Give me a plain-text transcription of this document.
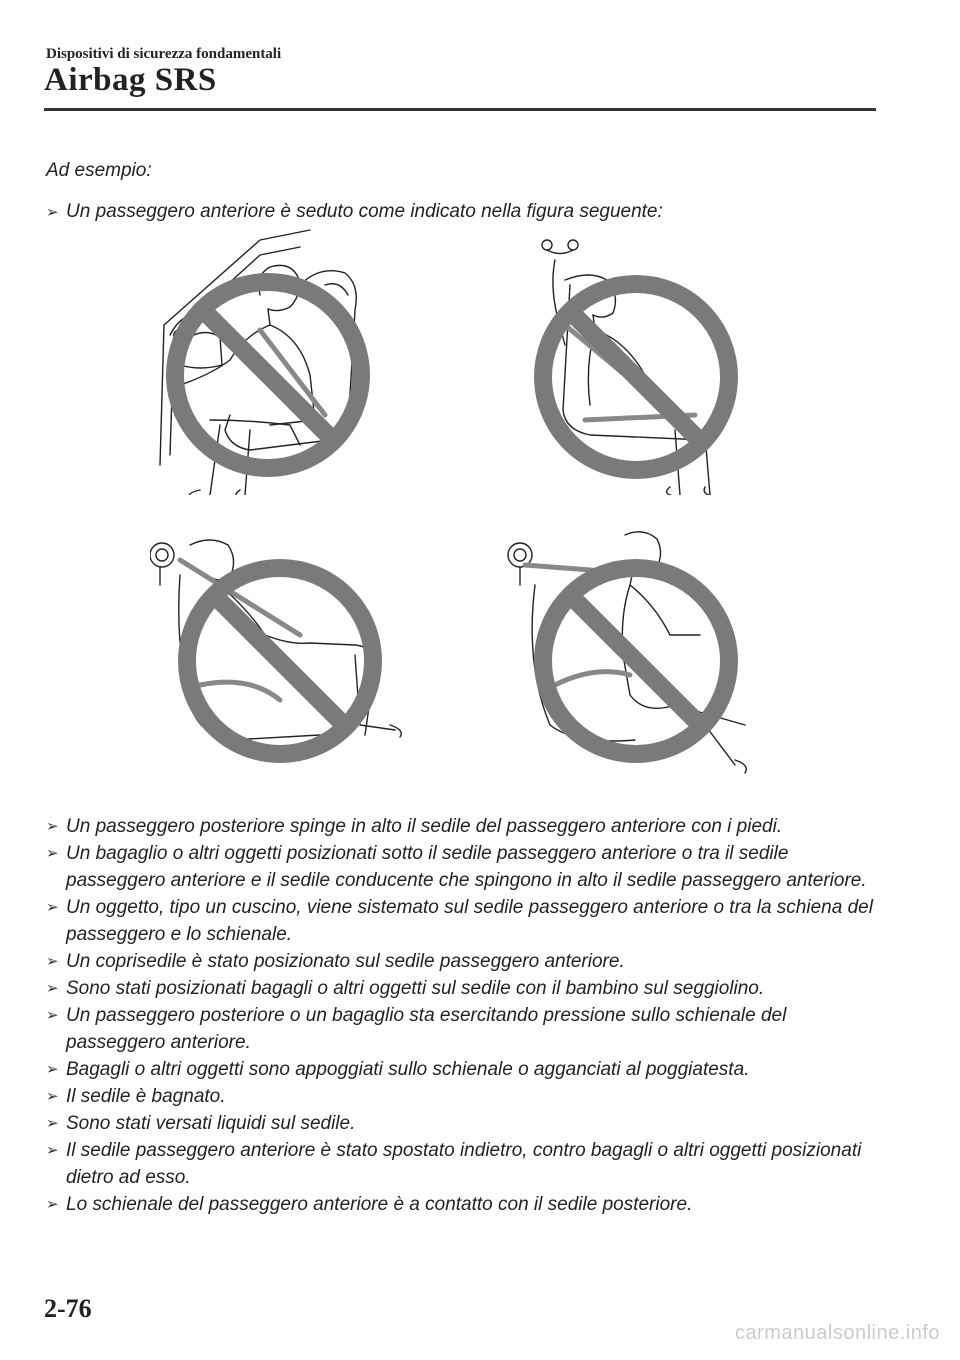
Dispositivi di sicurezza fondamentali
Airbag SRS
Ad esempio:
➢ Un passeggero anteriore è seduto come indicato nella figura seguente:
➢ Un passeggero posteriore spinge in alto il sedile del passeggero anteriore con i piedi.
➢ Un bagaglio o altri oggetti posizionati sotto il sedile passeggero anteriore o tra il sedile passeggero anteriore e il sedile conducente che spingono in alto il sedile passeggero anteriore.
➢ Un oggetto, tipo un cuscino, viene sistemato sul sedile passeggero anteriore o tra la schiena del passeggero e lo schienale.
➢ Un coprisedile è stato posizionato sul sedile passeggero anteriore.
➢ Sono stati posizionati bagagli o altri oggetti sul sedile con il bambino sul seggiolino.
➢ Un passeggero posteriore o un bagaglio sta esercitando pressione sullo schienale del passeggero anteriore.
➢ Bagagli o altri oggetti sono appoggiati sullo schienale o agganciati al poggiatesta.
➢ Il sedile è bagnato.
➢ Sono stati versati liquidi sul sedile.
➢ Il sedile passeggero anteriore è stato spostato indietro, contro bagagli o altri oggetti posizionati dietro ad esso.
➢ Lo schienale del passeggero anteriore è a contatto con il sedile posteriore.
2-76
carmanualsonline.info
